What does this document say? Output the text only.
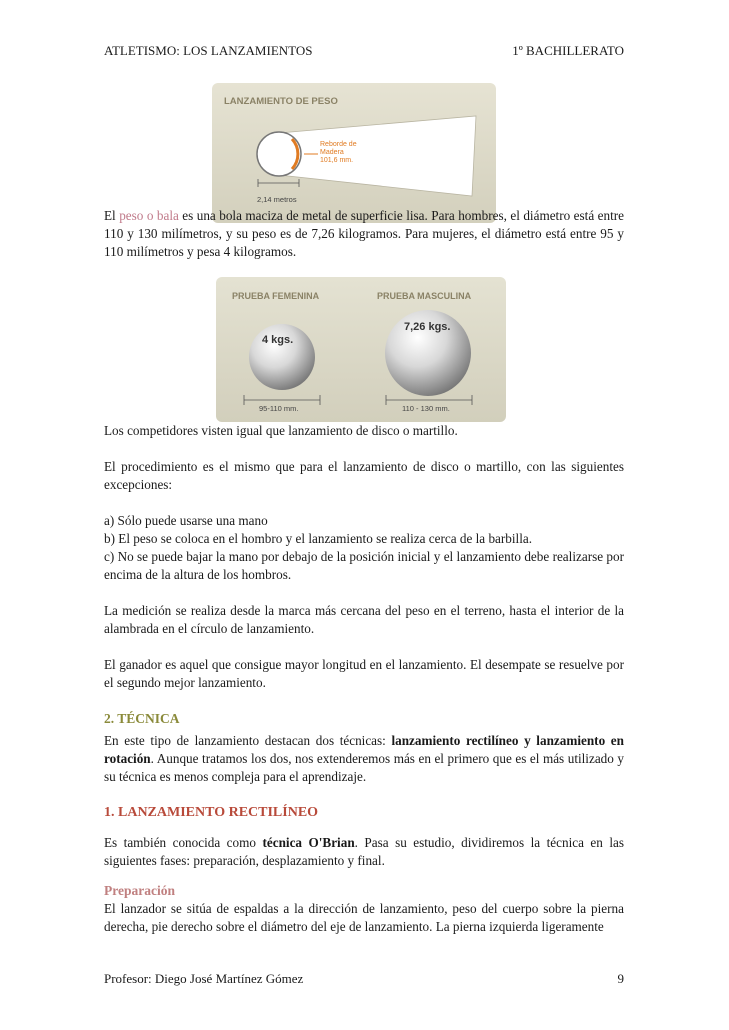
ATLETISMO: LOS LANZAMIENTOS	1º BACHILLERATO
LANZAMIENTO DE PESO
Reborde de
Madera
101,6 mm.
2,14 metros
PRUEBA FEMENINA	PRUEBA MASCULINA
4 kgs.
7,26 kgs.
95-110 mm.	110 - 130 mm.

El peso o bala es una bola maciza de metal de superficie lisa. Para hombres, el diámetro está entre 110 y 130 milímetros, y su peso es de 7,26 kilogramos. Para mujeres, el diámetro está entre 95 y 110 milímetros y pesa 4 kilogramos.

Los competidores visten igual que lanzamiento de disco o martillo.

El procedimiento es el mismo que para el lanzamiento de disco o martillo, con las siguientes excepciones:

a) Sólo puede usarse una mano

b) El peso se coloca en el hombro y el lanzamiento se realiza cerca de la barbilla.

c) No se puede bajar la mano por debajo de la posición inicial y el lanzamiento debe realizarse por encima de la altura de los hombros.

La medición se realiza desde la marca más cercana del peso en el terreno, hasta el interior de la alambrada en el círculo de lanzamiento.

El ganador es aquel que consigue mayor longitud en el lanzamiento. El desempate se resuelve por el segundo mejor lanzamiento.

2. TÉCNICA

En este tipo de lanzamiento destacan dos técnicas: lanzamiento rectilíneo y lanzamiento en rotación. Aunque tratamos los dos, nos extenderemos más en el primero que es el más utilizado y su técnica es menos compleja para el aprendizaje.

1. LANZAMIENTO RECTILÍNEO

Es también conocida como técnica O'Brian. Pasa su estudio, dividiremos la técnica en las siguientes fases: preparación, desplazamiento y final.

Preparación

El lanzador se sitúa de espaldas a la dirección de lanzamiento, peso del cuerpo sobre la pierna derecha, pie derecho sobre el diámetro del eje de lanzamiento. La pierna izquierda ligeramente

Profesor: Diego José Martínez Gómez	9
